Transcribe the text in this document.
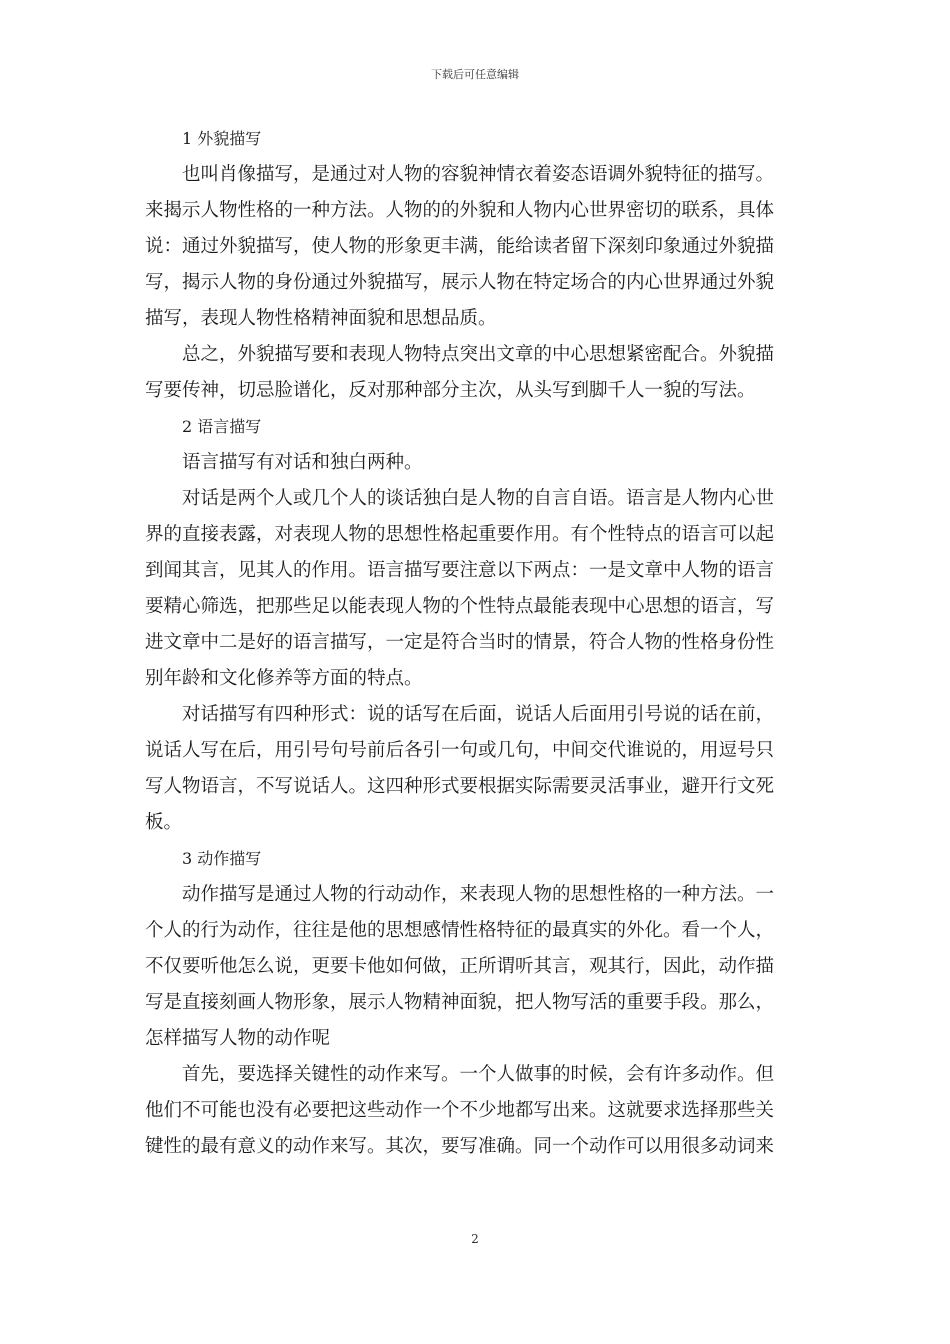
下载后可任意编辑
1 外貌描写
也叫肖像描写，是通过对人物的容貌神情衣着姿态语调外貌特征的描写。
来揭示人物性格的一种方法。人物的的外貌和人物内心世界密切的联系，具体
说：通过外貌描写，使人物的形象更丰满，能给读者留下深刻印象通过外貌描
写，揭示人物的身份通过外貌描写，展示人物在特定场合的内心世界通过外貌
描写，表现人物性格精神面貌和思想品质。
总之，外貌描写要和表现人物特点突出文章的中心思想紧密配合。外貌描
写要传神，切忌脸谱化，反对那种部分主次，从头写到脚千人一貌的写法。
2 语言描写
语言描写有对话和独白两种。
对话是两个人或几个人的谈话独白是人物的自言自语。语言是人物内心世
界的直接表露，对表现人物的思想性格起重要作用。有个性特点的语言可以起
到闻其言，见其人的作用。语言描写要注意以下两点：一是文章中人物的语言
要精心筛选，把那些足以能表现人物的个性特点最能表现中心思想的语言，写
进文章中二是好的语言描写，一定是符合当时的情景，符合人物的性格身份性
别年龄和文化修养等方面的特点。
对话描写有四种形式：说的话写在后面，说话人后面用引号说的话在前，
说话人写在后，用引号句号前后各引一句或几句，中间交代谁说的，用逗号只
写人物语言，不写说话人。这四种形式要根据实际需要灵活事业，避开行文死
板。
3 动作描写
动作描写是通过人物的行动动作，来表现人物的思想性格的一种方法。一
个人的行为动作，往往是他的思想感情性格特征的最真实的外化。看一个人，
不仅要听他怎么说，更要卡他如何做，正所谓听其言，观其行，因此，动作描
写是直接刻画人物形象，展示人物精神面貌，把人物写活的重要手段。那么，
怎样描写人物的动作呢
首先，要选择关键性的动作来写。一个人做事的时候，会有许多动作。但
他们不可能也没有必要把这些动作一个不少地都写出来。这就要求选择那些关
键性的最有意义的动作来写。其次，要写准确。同一个动作可以用很多动词来
2
